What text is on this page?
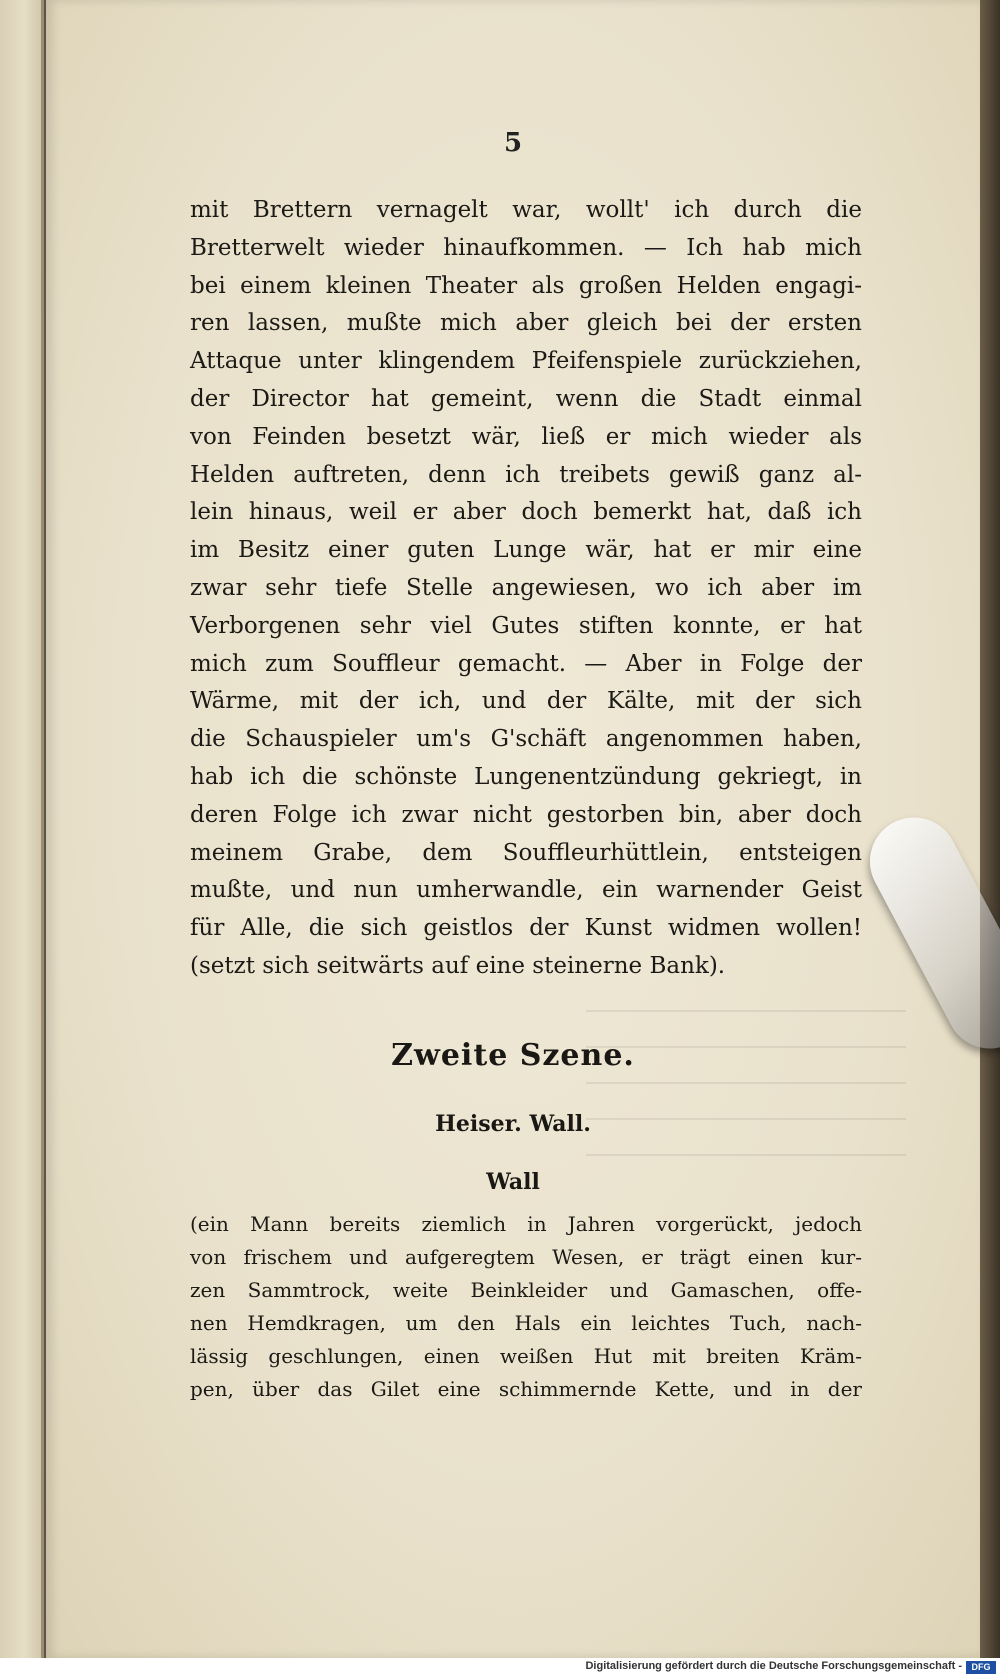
5
mit Brettern vernagelt war, wollt' ich durch die
Bretterwelt wieder hinaufkommen. — Ich hab mich
bei einem kleinen Theater als großen Helden engagi-
ren lassen, mußte mich aber gleich bei der ersten
Attaque unter klingendem Pfeifenspiele zurückziehen,
der Director hat gemeint, wenn die Stadt einmal
von Feinden besetzt wär, ließ er mich wieder als
Helden auftreten, denn ich treibets gewiß ganz al-
lein hinaus, weil er aber doch bemerkt hat, daß ich
im Besitz einer guten Lunge wär, hat er mir eine
zwar sehr tiefe Stelle angewiesen, wo ich aber im
Verborgenen sehr viel Gutes stiften konnte, er hat
mich zum Souffleur gemacht. — Aber in Folge der
Wärme, mit der ich, und der Kälte, mit der sich
die Schauspieler um's G'schäft angenommen haben,
hab ich die schönste Lungenentzündung gekriegt, in
deren Folge ich zwar nicht gestorben bin, aber doch
meinem Grabe, dem Souffleurhüttlein, entsteigen
mußte, und nun umherwandle, ein warnender Geist
für Alle, die sich geistlos der Kunst widmen wollen!
(setzt sich seitwärts auf eine steinerne Bank).
Zweite Szene.
Heiser. Wall.
Wall
(ein Mann bereits ziemlich in Jahren vorgerückt, jedoch
von frischem und aufgeregtem Wesen, er trägt einen kur-
zen Sammtrock, weite Beinkleider und Gamaschen, offe-
nen Hemdkragen, um den Hals ein leichtes Tuch, nach-
lässig geschlungen, einen weißen Hut mit breiten Kräm-
pen, über das Gilet eine schimmernde Kette, und in der
Digitalisierung gefördert durch die Deutsche Forschungsgemeinschaft -	DFG
